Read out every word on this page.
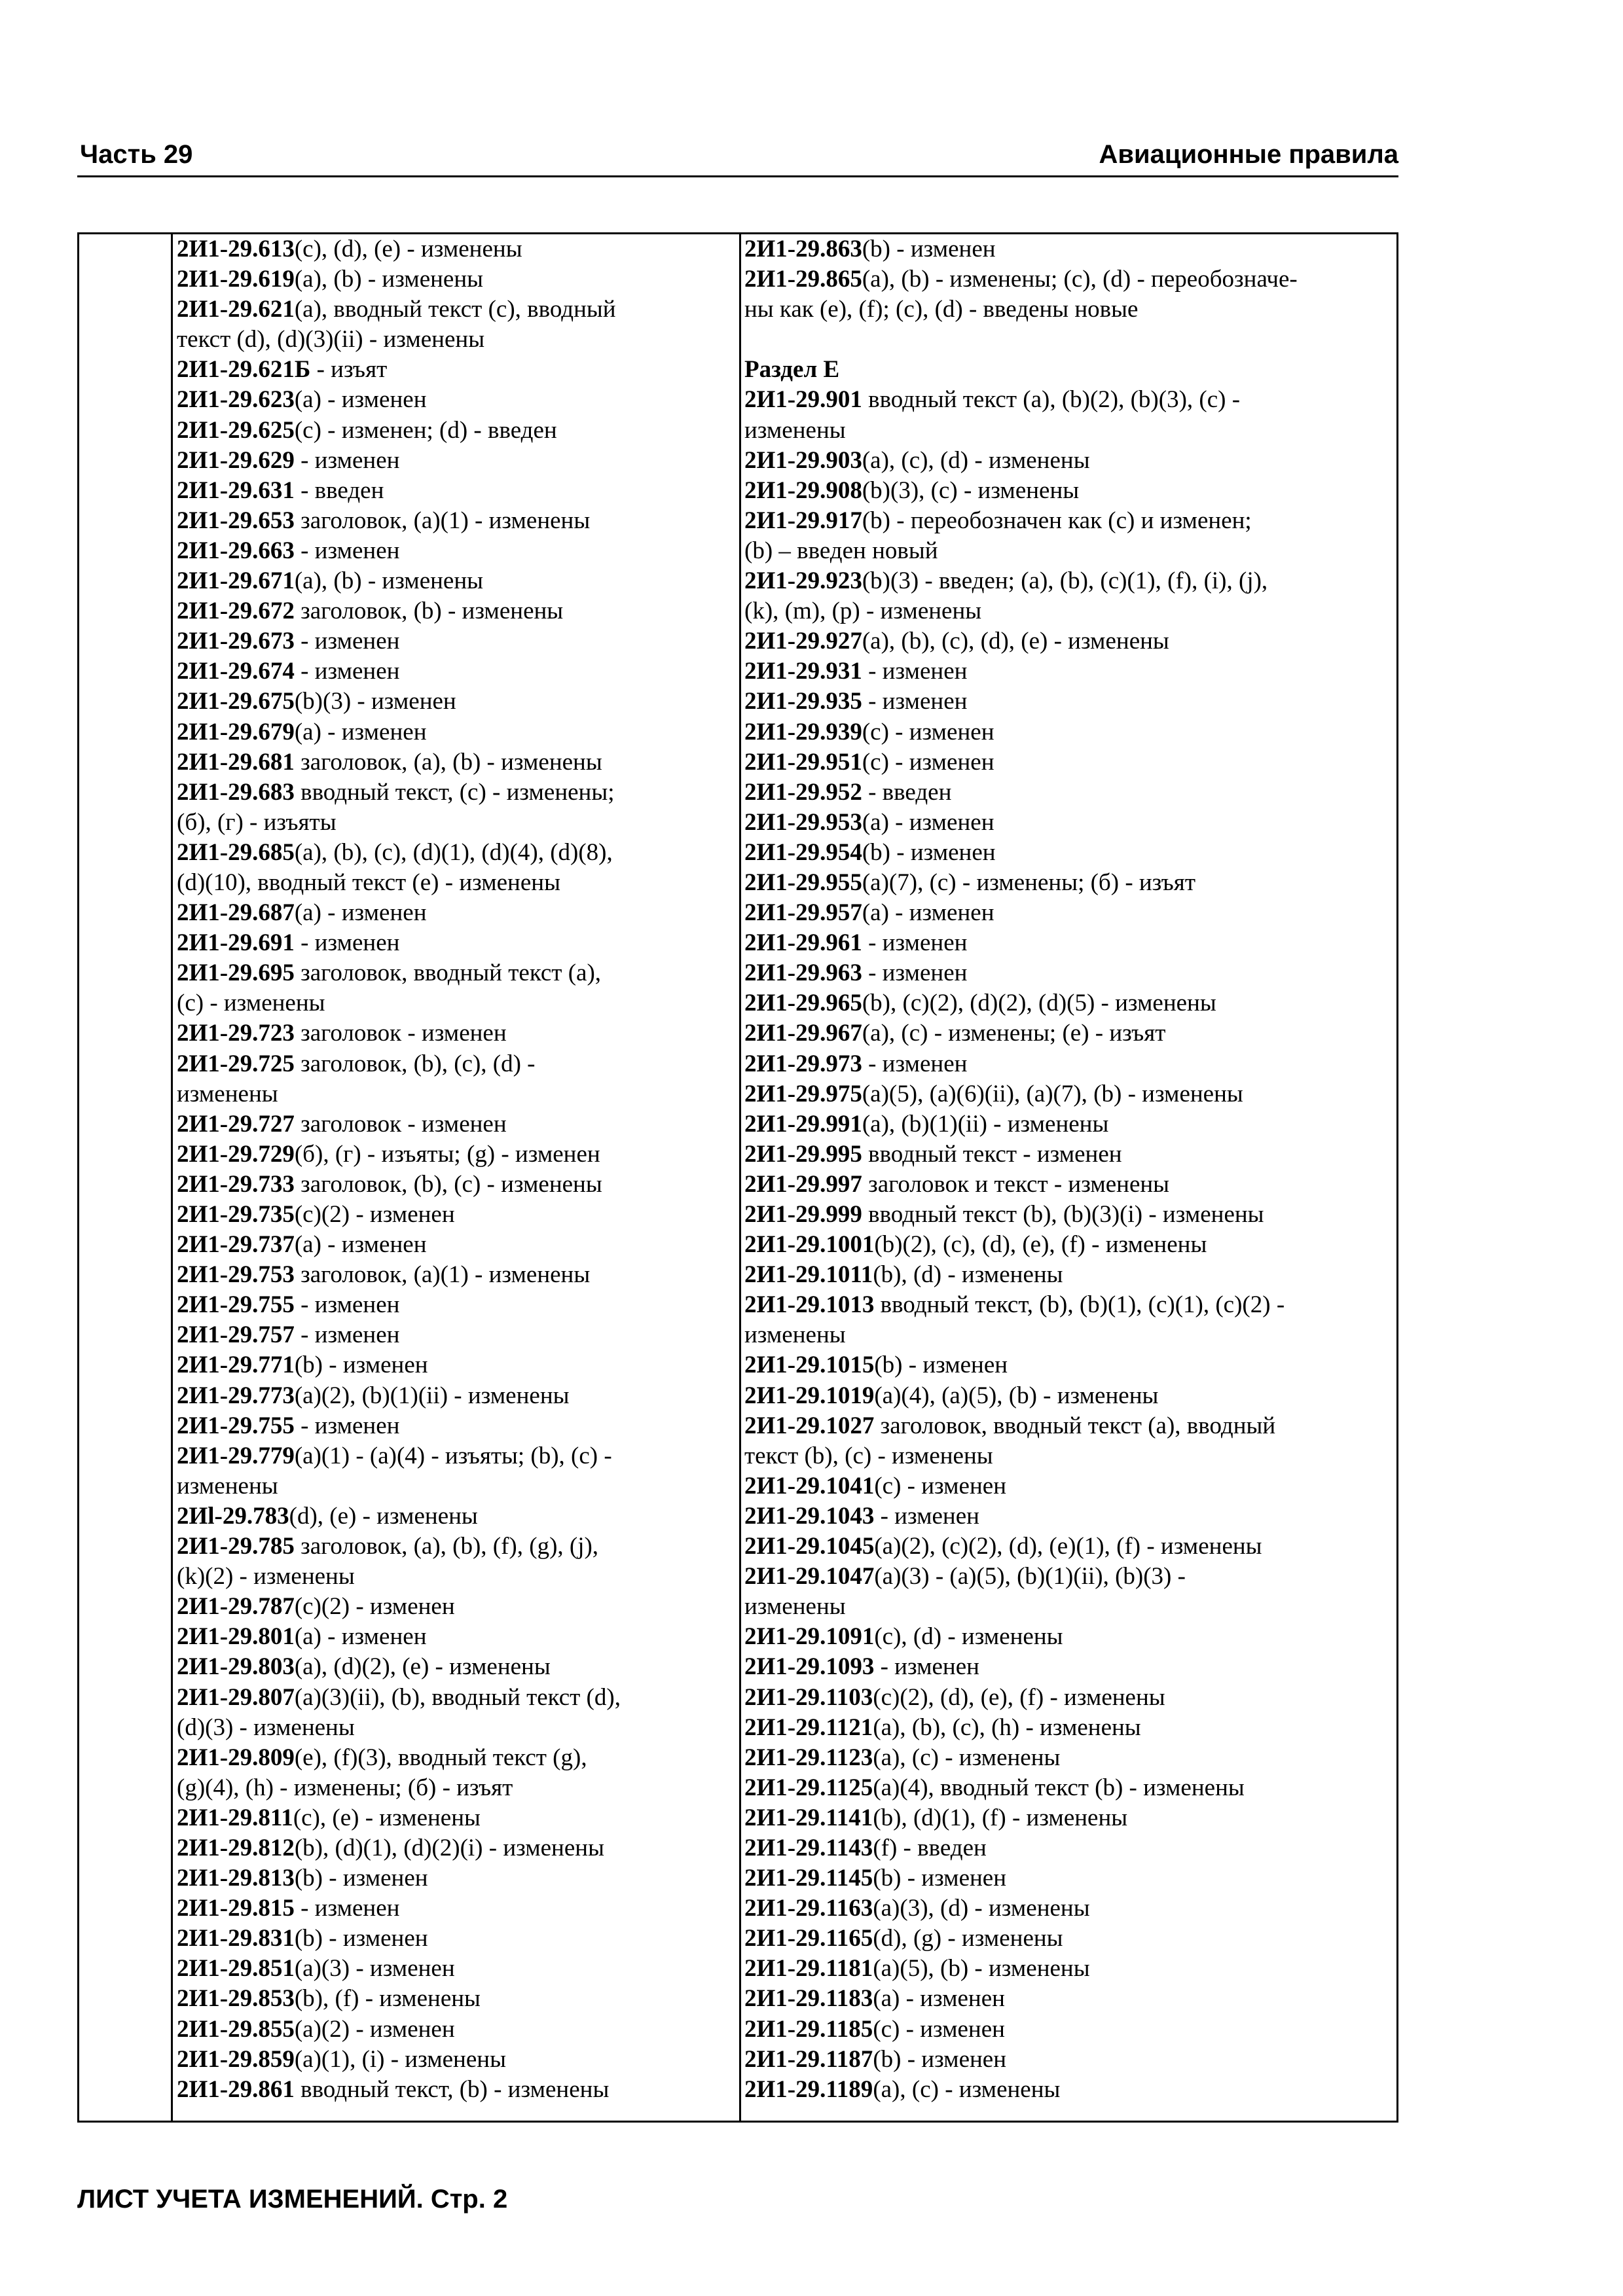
Часть 29	Авиационные правила
2И1-29.613(c), (d), (e) - изменены
2И1-29.619(a), (b) - изменены
2И1-29.621(a), вводный текст (c), вводный
текст (d), (d)(3)(ii) - изменены
2И1-29.621Б - изъят
2И1-29.623(a) - изменен
2И1-29.625(c) - изменен; (d) - введен
2И1-29.629 - изменен
2И1-29.631 - введен
2И1-29.653 заголовок, (a)(1) - изменены
2И1-29.663 - изменен
2И1-29.671(a), (b) - изменены
2И1-29.672 заголовок, (b) - изменены
2И1-29.673 - изменен
2И1-29.674 - изменен
2И1-29.675(b)(3) - изменен
2И1-29.679(a) - изменен
2И1-29.681 заголовок, (a), (b) - изменены
2И1-29.683 вводный текст, (c) - изменены;
(б), (г) - изъяты
2И1-29.685(a), (b), (c), (d)(1), (d)(4), (d)(8),
(d)(10), вводный текст (e) - изменены
2И1-29.687(a) - изменен
2И1-29.691 - изменен
2И1-29.695 заголовок, вводный текст (a),
(c) - изменены
2И1-29.723 заголовок - изменен
2И1-29.725 заголовок, (b), (c), (d) -
изменены
2И1-29.727 заголовок - изменен
2И1-29.729(б), (г) - изъяты; (g) - изменен
2И1-29.733 заголовок, (b), (c) - изменены
2И1-29.735(c)(2) - изменен
2И1-29.737(a) - изменен
2И1-29.753 заголовок, (a)(1) - изменены
2И1-29.755 - изменен
2И1-29.757 - изменен
2И1-29.771(b) - изменен
2И1-29.773(a)(2), (b)(1)(ii) - изменены
2И1-29.755 - изменен
2И1-29.779(a)(1) - (a)(4) - изъяты; (b), (c) -
изменены
2Иl-29.783(d), (e) - изменены
2И1-29.785 заголовок, (a), (b), (f), (g), (j),
(k)(2) - изменены
2И1-29.787(c)(2) - изменен
2И1-29.801(a) - изменен
2И1-29.803(a), (d)(2), (e) - изменены
2И1-29.807(a)(3)(ii), (b), вводный текст (d),
(d)(3) - изменены
2И1-29.809(e), (f)(3), вводный текст (g),
(g)(4), (h) - изменены; (б) - изъят
2И1-29.811(c), (e) - изменены
2И1-29.812(b), (d)(1), (d)(2)(i) - изменены
2И1-29.813(b) - изменен
2И1-29.815 - изменен
2И1-29.831(b) - изменен
2И1-29.851(a)(3) - изменен
2И1-29.853(b), (f) - изменены
2И1-29.855(a)(2) - изменен
2И1-29.859(a)(1), (i) - изменены
2И1-29.861 вводный текст, (b) - изменены
2И1-29.863(b) - изменен
2И1-29.865(a), (b) - изменены; (c), (d) - переобозначе-
ны как (e), (f); (c), (d) - введены новые
Раздел Е
2И1-29.901 вводный текст (a), (b)(2), (b)(3), (c) -
изменены
2И1-29.903(a), (c), (d) - изменены
2И1-29.908(b)(3), (c) - изменены
2И1-29.917(b) - переобозначен как (c) и изменен;
(b) – введен новый
2И1-29.923(b)(3) - введен; (a), (b), (c)(1), (f), (i), (j),
(k), (m), (p) - изменены
2И1-29.927(a), (b), (c), (d), (e) - изменены
2И1-29.931 - изменен
2И1-29.935 - изменен
2И1-29.939(c) - изменен
2И1-29.951(c) - изменен
2И1-29.952 - введен
2И1-29.953(a) - изменен
2И1-29.954(b) - изменен
2И1-29.955(a)(7), (c) - изменены; (б) - изъят
2И1-29.957(a) - изменен
2И1-29.961 - изменен
2И1-29.963 - изменен
2И1-29.965(b), (c)(2), (d)(2), (d)(5) - изменены
2И1-29.967(a), (c) - изменены; (e) - изъят
2И1-29.973 - изменен
2И1-29.975(a)(5), (a)(6)(ii), (a)(7), (b) - изменены
2И1-29.991(a), (b)(1)(ii) - изменены
2И1-29.995 вводный текст - изменен
2И1-29.997 заголовок и текст - изменены
2И1-29.999 вводный текст (b), (b)(3)(i) - изменены
2И1-29.1001(b)(2), (c), (d), (e), (f) - изменены
2И1-29.1011(b), (d) - изменены
2И1-29.1013 вводный текст, (b), (b)(1), (c)(1), (c)(2) -
изменены
2И1-29.1015(b) - изменен
2И1-29.1019(a)(4), (a)(5), (b) - изменены
2И1-29.1027 заголовок, вводный текст (a), вводный
текст (b), (c) - изменены
2И1-29.1041(c) - изменен
2И1-29.1043 - изменен
2И1-29.1045(a)(2), (c)(2), (d), (e)(1), (f) - изменены
2И1-29.1047(a)(3) - (a)(5), (b)(1)(ii), (b)(3) -
изменены
2И1-29.1091(c), (d) - изменены
2И1-29.1093 - изменен
2И1-29.1103(c)(2), (d), (e), (f) - изменены
2И1-29.1121(a), (b), (c), (h) - изменены
2И1-29.1123(a), (c) - изменены
2И1-29.1125(a)(4), вводный текст (b) - изменены
2И1-29.1141(b), (d)(1), (f) - изменены
2И1-29.1143(f) - введен
2И1-29.1145(b) - изменен
2И1-29.1163(a)(3), (d) - изменены
2И1-29.1165(d), (g) - изменены
2И1-29.1181(a)(5), (b) - изменены
2И1-29.1183(a) - изменен
2И1-29.1185(c) - изменен
2И1-29.1187(b) - изменен
2И1-29.1189(a), (c) - изменены
ЛИСТ УЧЕТА ИЗМЕНЕНИЙ. Стр. 2
